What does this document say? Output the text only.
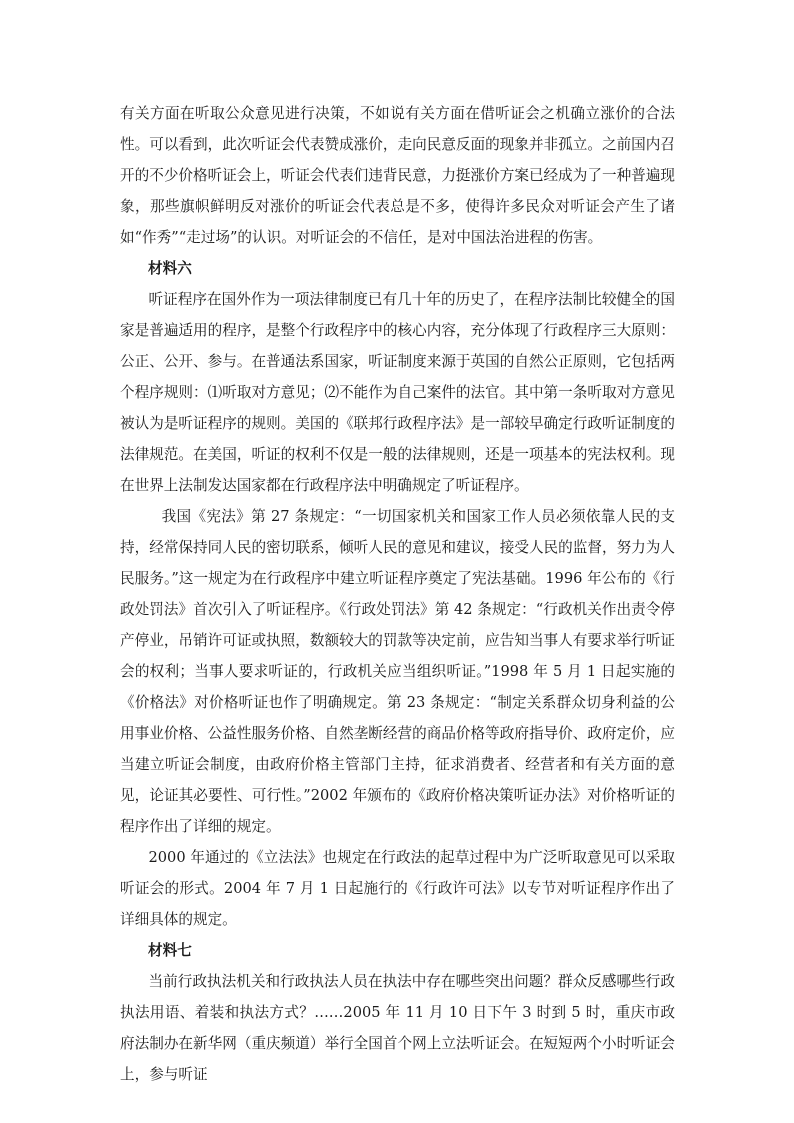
有关方面在听取公众意见进行决策，不如说有关方面在借听证会之机确立涨价的合法性。可以看到，此次听证会代表赞成涨价，走向民意反面的现象并非孤立。之前国内召开的不少价格听证会上，听证会代表们违背民意，力挺涨价方案已经成为了一种普遍现象，那些旗帜鲜明反对涨价的听证会代表总是不多，使得许多民众对听证会产生了诸如“作秀”“走过场”的认识。对听证会的不信任，是对中国法治进程的伤害。

材料六

听证程序在国外作为一项法律制度已有几十年的历史了，在程序法制比较健全的国家是普遍适用的程序，是整个行政程序中的核心内容，充分体现了行政程序三大原则：公正、公开、参与。在普通法系国家，听证制度来源于英国的自然公正原则，它包括两个程序规则：⑴听取对方意见；⑵不能作为自己案件的法官。其中第一条听取对方意见被认为是听证程序的规则。美国的《联邦行政程序法》是一部较早确定行政听证制度的法律规范。在美国，听证的权利不仅是一般的法律规则，还是一项基本的宪法权利。现在世界上法制发达国家都在行政程序法中明确规定了听证程序。

我国《宪法》第 27 条规定：“一切国家机关和国家工作人员必须依靠人民的支持，经常保持同人民的密切联系，倾听人民的意见和建议，接受人民的监督，努力为人民服务。”这一规定为在行政程序中建立听证程序奠定了宪法基础。1996 年公布的《行政处罚法》首次引入了听证程序。《行政处罚法》第 42 条规定：“行政机关作出责令停产停业，吊销许可证或执照，数额较大的罚款等决定前，应告知当事人有要求举行听证会的权利；当事人要求听证的，行政机关应当组织听证。”1998 年 5 月 1 日起实施的《价格法》对价格听证也作了明确规定。第 23 条规定：“制定关系群众切身利益的公用事业价格、公益性服务价格、自然垄断经营的商品价格等政府指导价、政府定价，应当建立听证会制度，由政府价格主管部门主持，征求消费者、经营者和有关方面的意见，论证其必要性、可行性。”2002 年颁布的《政府价格决策听证办法》对价格听证的程序作出了详细的规定。

2000 年通过的《立法法》也规定在行政法的起草过程中为广泛听取意见可以采取听证会的形式。2004 年 7 月 1 日起施行的《行政许可法》以专节对听证程序作出了详细具体的规定。

材料七

当前行政执法机关和行政执法人员在执法中存在哪些突出问题？群众反感哪些行政执法用语、着装和执法方式？……2005 年 11 月 10 日下午 3 时到 5 时，重庆市政府法制办在新华网（重庆频道）举行全国首个网上立法听证会。在短短两个小时听证会上，参与听证
